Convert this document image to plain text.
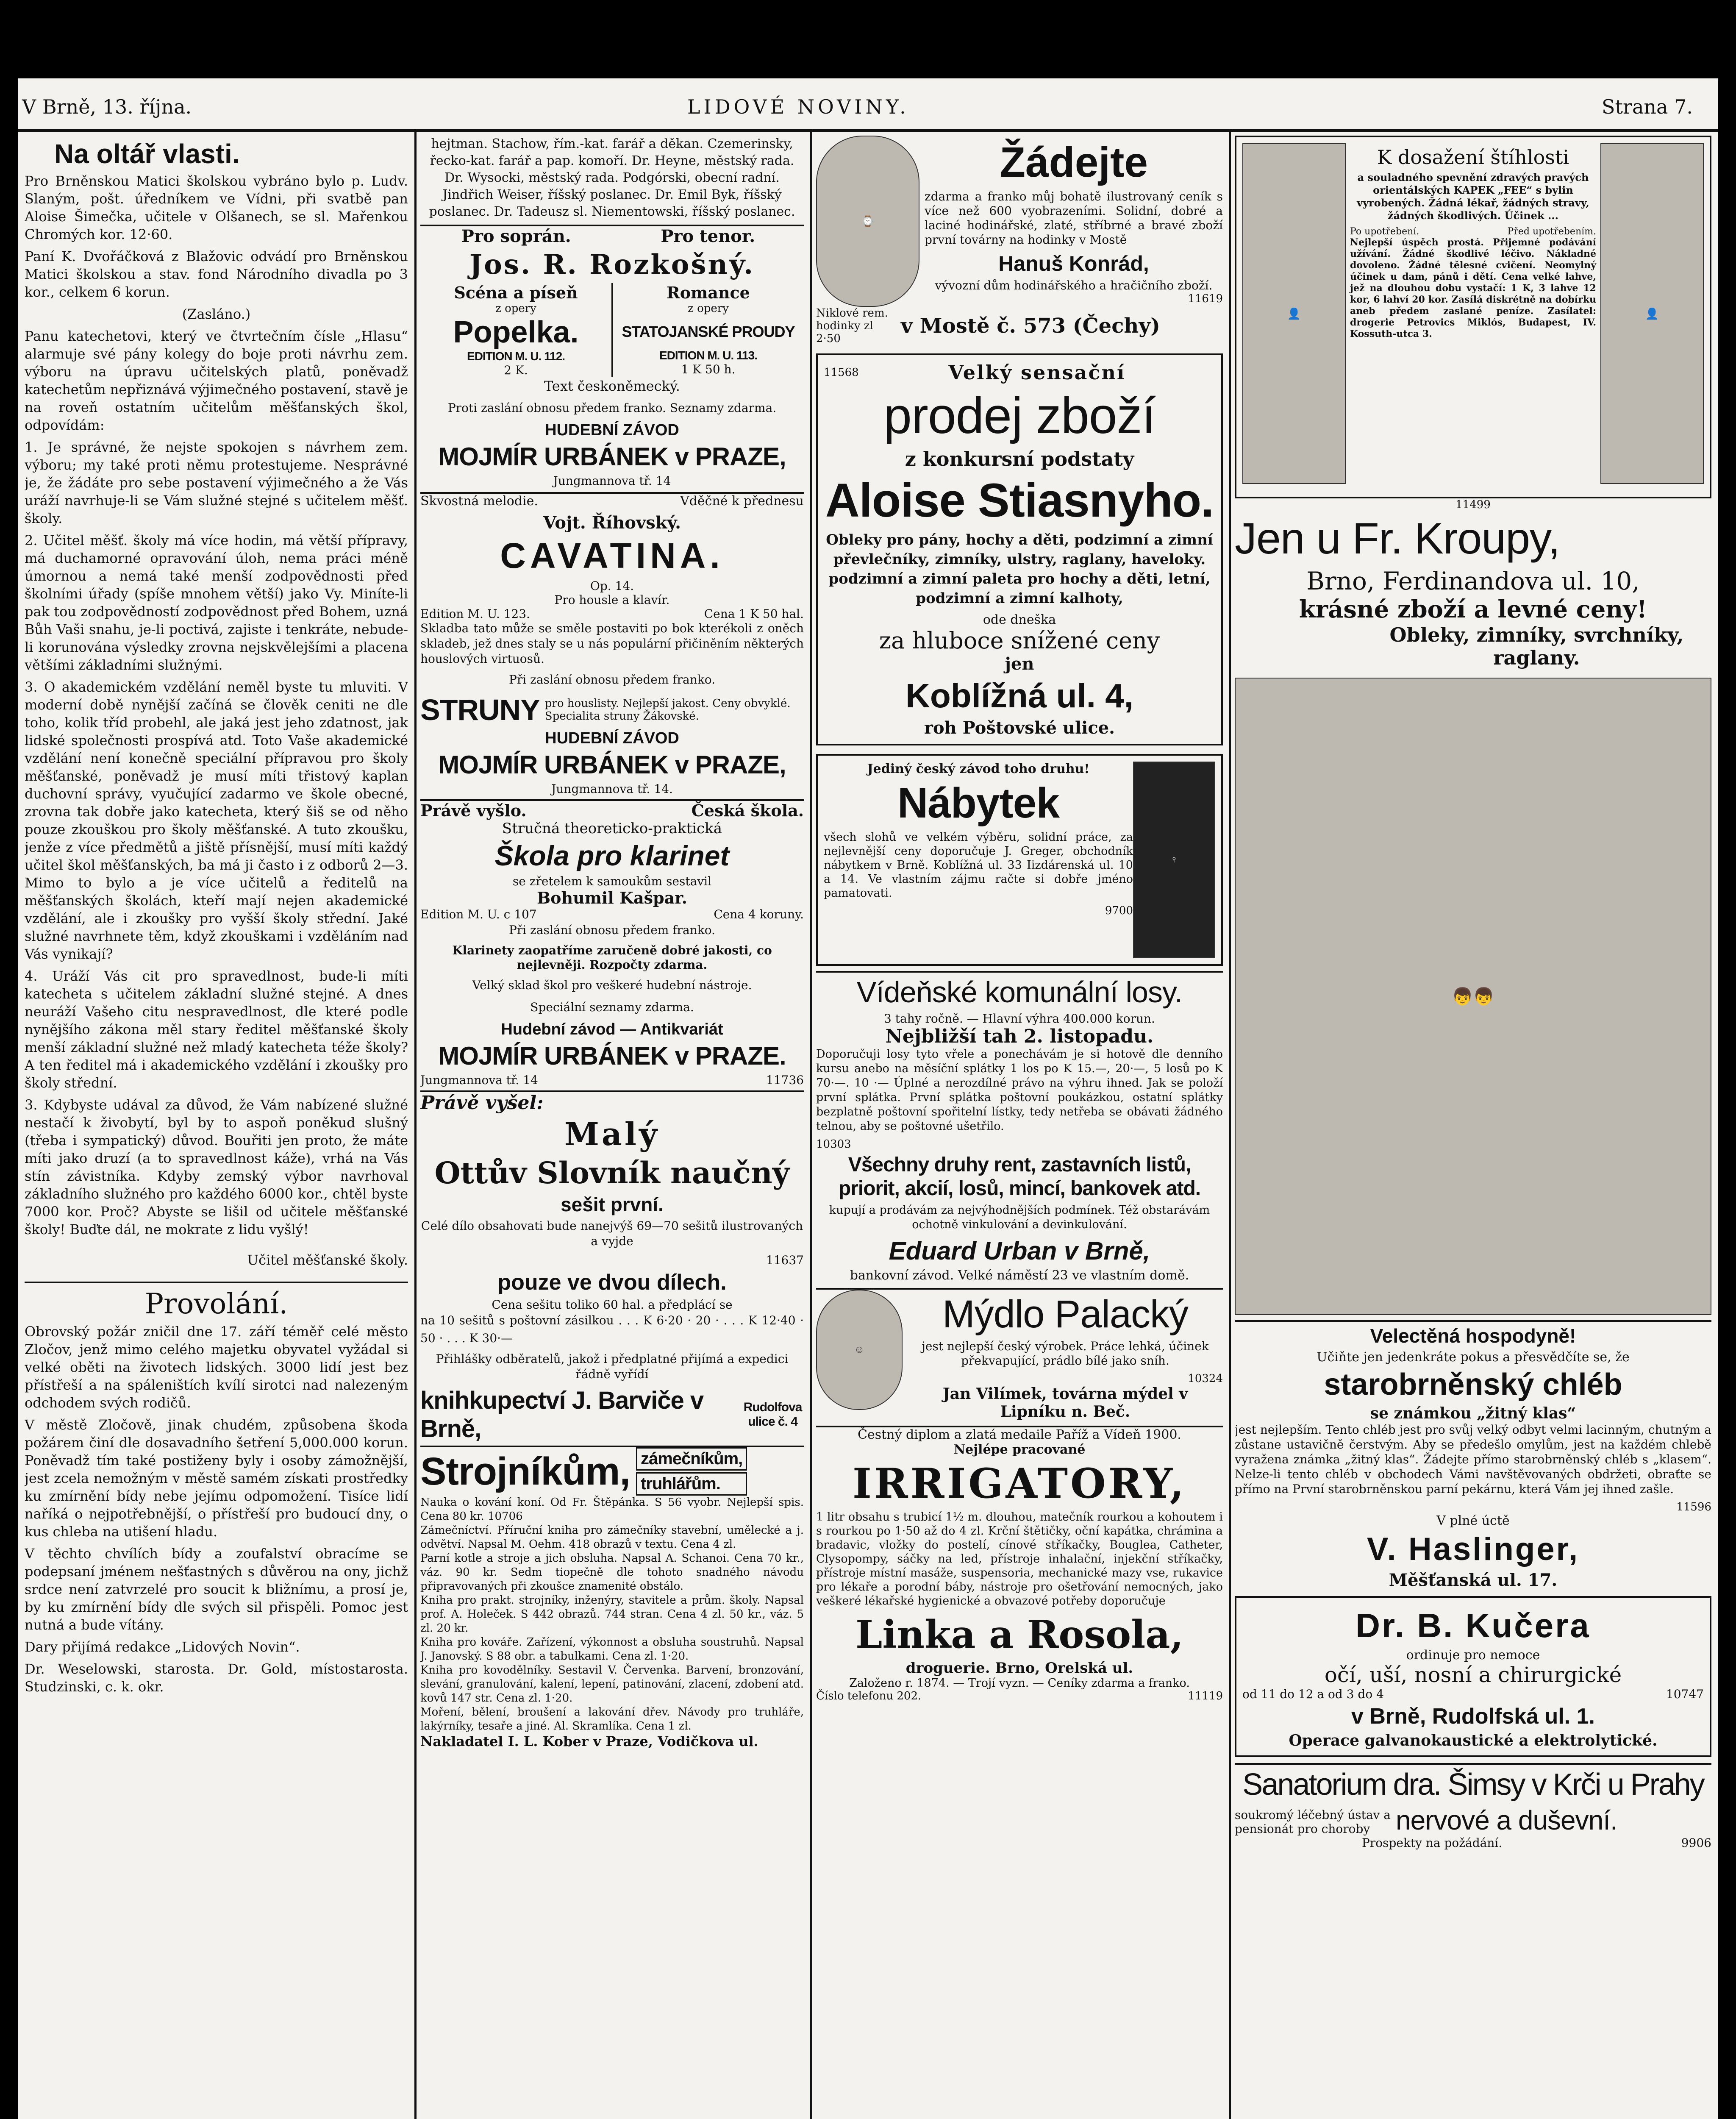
V Brně, 13. října.	LIDOVÉ NOVINY.	Strana 7.
Na oltář vlasti.

Pro Brněnskou Matici školskou vybráno bylo p. Ludv. Slaným, pošt. úředníkem ve Vídni, při svatbě pan Aloise Šimečka, učitele v Olšanech, se sl. Mařenkou Chromých kor. 12·60.

Paní K. Dvořáčková z Blažovic odvádí pro Brněnskou Matici školskou a stav. fond Národního divadla po 3 kor., celkem 6 korun.

(Zasláno.)

Panu katechetovi, který ve čtvrtečním čísle „Hlasu“ alarmuje své pány kolegy do boje proti návrhu zem. výboru na úpravu učitelských platů, poněvadž katechetům nepřiznává výjimečného postavení, stavě je na roveň ostatním učitelům měšťanských škol, odpovídám:

1. Je správné, že nejste spokojen s návrhem zem. výboru; my také proti němu protestujeme. Nesprávné je, že žádáte pro sebe postavení výjimečného a že Vás uráží navrhuje-li se Vám služné stejné s učitelem měšť. školy.

2. Učitel měšť. školy má více hodin, má větší přípravy, má duchamorné opravování úloh, nema práci méně úmornou a nemá také menší zodpovědnosti před školními úřady (spíše mnohem větší) jako Vy. Miníte-li pak tou zodpovědností zodpovědnost před Bohem, uzná Bůh Vaši snahu, je-li poctivá, zajiste i tenkráte, nebude-li korunována výsledky zrovna nejskvělejšími a placena většími základními služnými.

3. O akademickém vzdělání neměl byste tu mluviti. V moderní době nynější začíná se člověk ceniti ne dle toho, kolik tříd probehl, ale jaká jest jeho zdatnost, jak lidské společnosti prospívá atd. Toto Vaše akademické vzdělání není konečně speciální přípravou pro školy měšťanské, poněvadž je musí míti třistový kaplan duchovní správy, vyučující zadarmo ve škole obecné, zrovna tak dobře jako katecheta, který šiš se od něho pouze zkouškou pro školy měšťanské. A tuto zkoušku, jenže z více předmětů a jiště přísnější, musí míti každý učitel škol měšťanských, ba má ji často i z odborů 2—3. Mimo to bylo a je více učitelů a ředitelů na měšťanských školách, kteří mají nejen akademické vzdělání, ale i zkoušky pro vyšší školy střední. Jaké služné navrhnete těm, když zkouškami i vzděláním nad Vás vynikají?

4. Uráží Vás cit pro spravedlnost, bude-li míti katecheta s učitelem základní služné stejné. A dnes neuráží Vašeho citu nespravedlnost, dle které podle nynějšího zákona měl stary ředitel měšťanské školy menší základní služné než mladý katecheta téže školy? A ten ředitel má i akademického vzdělání i zkoušky pro školy střední.

3. Kdybyste udával za důvod, že Vám nabízené služné nestačí k živobytí, byl by to aspoň poněkud slušný (třeba i sympatický) důvod. Bouřiti jen proto, že máte míti jako druzí (a to spravedlnost káže), vrhá na Vás stín závistníka. Kdyby zemský výbor navrhoval základního služného pro každého 6000 kor., chtěl byste 7000 kor. Proč? Abyste se lišil od učitele měšťanské školy! Buďte dál, ne mokrate z lidu vyšlý!

Učitel měšťanské školy.

Provolání.

Obrovský požár zničil dne 17. září téměř celé město Zločov, jenž mimo celého majetku obyvatel vyžádal si velké oběti na životech lidských. 3000 lidí jest bez přístřeší a na spáleništích kvílí sirotci nad nalezeným odchodem svých rodičů.

V městě Zločově, jinak chudém, způsobena škoda požárem činí dle dosavadního šetření 5,000.000 korun. Poněvadž tím také postiženy byly i osoby zámožnější, jest zcela nemožným v městě samém získati prostředky ku zmírnění bídy nebe jejímu odpomožení. Tisíce lidí naříká o nejpotřebnější, o přístřeší pro budoucí dny, o kus chleba na utišení hladu.

V těchto chvílích bídy a zoufalství obracíme se podepsaní jménem nešťastných s důvěrou na ony, jichž srdce není zatvrzelé pro soucit k bližnímu, a prosí je, by ku zmírnění bídy dle svých sil přispěli. Pomoc jest nutná a bude vítány.

Dary přijímá redakce „Lidových Novin“.

Dr. Weselowski, starosta. Dr. Gold, místostarosta. Studzinski, c. k. okr.

hejtman. Stachow, řím.-kat. farář a děkan. Czemerinsky, řecko-kat. farář a pap. komoří. Dr. Heyne, městský rada. Dr. Wysocki, městský rada. Podgórski, obecní radní. Jindřich Weiser, říšský poslanec. Dr. Emil Byk, říšský poslanec. Dr. Tadeusz sl. Niementowski, říšský poslanec.

Pro soprán.	Pro tenor.
Jos. R. Rozkošný.
Scéna a píseň
z opery
Popelka.
EDITION M. U. 112.
2 K.
Romance
z opery
STATOJANSKÉ PROUDY
EDITION M. U. 113.
1 K 50 h.

Text českoněmecký.

Proti zaslání obnosu předem franko. Seznamy zdarma.

HUDEBNÍ ZÁVOD
MOJMÍR URBÁNEK v PRAZE,
Jungmannova tř. 14
Skvostná melodie.	Vděčné k přednesu
Vojt. Říhovský.
CAVATINA.
Op. 14.
Pro housle a klavír.
Edition M. U. 123.	Cena 1 K 50 hal.

Skladba tato může se směle postaviti po bok kterékoli z oněch skladeb, jež dnes staly se u nás populární přičiněním některých houslových virtuosů.

Při zaslání obnosu předem franko.

STRUNY pro houslisty. Nejlepší jakost. Ceny obvyklé. Specialita struny Žákovské.
HUDEBNÍ ZÁVOD
MOJMÍR URBÁNEK v PRAZE,
Jungmannova tř. 14.
Právě vyšlo.	Česká škola.
Stručná theoreticko-praktická
Škola pro klarinet
se zřetelem k samoukům sestavil
Bohumil Kašpar.
Edition M. U. c 107	Cena 4 koruny.

Při zaslání obnosu předem franko.

Klarinety zaopatříme zaručeně dobré jakosti, co nejlevněji. Rozpočty zdarma.

Velký sklad škol pro veškeré hudební nástroje.

Speciální seznamy zdarma.

Hudební závod — Antikvariát
MOJMÍR URBÁNEK v PRAZE.
Jungmannova tř. 14	11736
Právě vyšel:
Malý
Ottův Slovník naučný
sešit první.

Celé dílo obsahovati bude nanejvýš 69—70 sešitů ilustrovaných a vyjde

11637
pouze ve dvou dílech.
Cena sešitu toliko 60 hal. a předplácí se

na 10 sešitů s poštovní zásilkou . . . K 6·20 · 20 · . . . K 12·40 · 50 · . . . K 30·—

Přihlášky odběratelů, jakož i předplatné přijímá a expedici řádně vyřídí

knihkupectví J. Barviče v Brně,
Rudolfova ulice č. 4
Strojníkům, zámečníkům,
truhlářům.

Nauka o kování koní. Od Fr. Štěpánka. S 56 vyobr. Nejlepší spis. Cena 80 kr. 10706

Zámečníctví. Příruční kniha pro zámečníky stavební, umělecké a j. odvětví. Napsal M. Oehm. 418 obrazů v textu. Cena 4 zl.

Parní kotle a stroje a jich obsluha. Napsal A. Schanoi. Cena 70 kr., váz. 90 kr. Sedm tiopečně dle tohoto snadného návodu připravovaných při zkoušce znamenité obstálo.

Kniha pro prakt. strojníky, inženýry, stavitele a prům. školy. Napsal prof. A. Holeček. S 442 obrazů. 744 stran. Cena 4 zl. 50 kr., váz. 5 zl. 20 kr.

Kniha pro kováře. Zařízení, výkonnost a obsluha soustruhů. Napsal J. Janovský. S 88 obr. a tabulkami. Cena zl. 1·20.

Kniha pro kovodělníky. Sestavil V. Červenka. Barvení, bronzování, slevání, granulování, kalení, lepení, patinování, zlacení, zdobení atd. kovů 147 str. Cena zl. 1·20.

Moření, bělení, broušení a lakování dřev. Návody pro truhláře, lakýrníky, tesaře a jiné. Al. Skramlíka. Cena 1 zl.

Nakladatel I. L. Kober v Praze, Vodičkova ul.
⌚
Žádejte

zdarma a franko můj bohatě ilustrovaný ceník s více než 600 vyobrazeními. Solidní, dobré a laciné hodinářské, zlaté, stříbrné a bravé zboží první továrny na hodinky v Mostě

Hanuš Konrád,
vývozní dům hodinářského a hračičního zboží.
11619
Niklové rem. hodinky zl 2·50
v Mostě č. 573 (Čechy)
11568	Velký sensační
prodej zboží
z konkursní podstaty
Aloise Stiasnyho.

Obleky pro pány, hochy a děti, podzimní a zimní převlečníky, zimníky, ulstry, raglany, haveloky. podzimní a zimní paleta pro hochy a děti, letní, podzimní a zimní kalhoty,

ode dneška
za hluboce snížené ceny
jen
Koblížná ul. 4,
roh Poštovské ulice.
Jediný český závod toho druhu!
Nábytek

všech slohů ve velkém výběru, solidní práce, za nejlevnější ceny doporučuje J. Greger, obchodník nábytkem v Brně. Koblížná ul. 33 Iizdárenská ul. 10 a 14. Ve vlastním zájmu račte si dobře jméno pamatovati.

9700
♀
Vídeňské komunální losy.
3 tahy ročně. — Hlavní výhra 400.000 korun.
Nejbližší tah 2. listopadu.

Doporučuji losy tyto vřele a ponechávám je si hotově dle denního kursu anebo na měsíční splátky 1 los po K 15.—, 20·—, 5 losů po K 70·—. 10 ·— Úplné a nerozdílné právo na výhru ihned. Jak se položí první splátka. První splátka poštovní poukázkou, ostatní splátky bezplatně poštovní spořitelní lístky, tedy netřeba se obávati žádného telnou, aby se poštovné ušetřilo.

10303
Všechny druhy rent, zastavních listů, priorit, akcií, losů, mincí, bankovek atd.

kupují a prodávám za nejvýhodnějších podmínek. Též obstarávám ochotně vinkulování a devinkulování.

Eduard Urban v Brně,
bankovní závod. Velké náměstí 23 ve vlastním domě.
☺
Mýdlo Palacký

jest nejlepší český výrobek. Práce lehká, účinek překvapující, prádlo bílé jako sníh.

10324
Jan Vilímek, továrna mýdel v Lipníku n. Beč.
Čestný diplom a zlatá medaile Paříž a Vídeň 1900.
Nejlépe pracované
IRRIGATORY,

1 litr obsahu s trubicí 1½ m. dlouhou, matečník rourkou a kohoutem i s rourkou po 1·50 až do 4 zl. Krční štětičky, oční kapátka, chrámina a bradavic, vložky do postelí, cínové stříkačky, Bouglea, Catheter, Clysopompy, sáčky na led, přístroje inhalační, injekční stříkačky, přístroje místní masáže, suspensoria, mechanické mazy vse, rukavice pro lékaře a porodní báby, nástroje pro ošetřování nemocných, jako veškeré lékařské hygienické a obvazové potřeby doporučuje

Linka a Rosola,
droguerie. Brno, Orelská ul.
Založeno r. 1874. — Trojí vyzn. — Ceníky zdarma a franko.
Číslo telefonu 202.	11119
👤
K dosažení štíhlosti

a souladného spevnění zdravých pravých orientálských KAPEK „FEE“ s bylin vyrobených. Žádná lékař, žádných stravy, žádných škodlivých. Účinek ...

Po upotřebení.	Před upotřebením.

Nejlepší úspěch prostá. Přijemné podávání užívání. Žádné škodlivé léčivo. Nákladné dovoleno. Žádné tělesné cvičení. Neomylný účinek u dam, pánů i dětí. Cena velké lahve, jež na dlouhou dobu vystačí: 1 K, 3 lahve 12 kor, 6 lahví 20 kor. Zasílá diskrétně na dobírku aneb předem zaslané peníze. Zasílatel: drogerie Petrovics Miklós, Budapest, IV. Kossuth-utca 3.

👤
11499
Jen u Fr. Kroupy,
Brno, Ferdinandova ul. 10,
krásné zboží a levné ceny!
Obleky, zimníky, svrchníky, raglany.
👦👦
Velectěná hospodyně!
Učiňte jen jedenkráte pokus a přesvědčíte se, že
starobrněnský chléb
se známkou „žitný klas“

jest nejlepším. Tento chléb jest pro svůj velký odbyt velmi lacinným, chutným a zůstane ustavičně čerstvým. Aby se předešlo omylům, jest na každém chlebě vyražena známka „žitný klas“. Žádejte přímo starobrněnský chléb s „klasem“. Nelze-li tento chléb v obchodech Vámi navštěvovaných obdržeti, obraťte se přímo na První starobrněnskou parní pekárnu, která Vám jej ihned zašle.

11596
V plné úctě
V. Haslinger,
Měšťanská ul. 17.
Dr. B. Kučera
ordinuje pro nemoce
očí, uší, nosní a chirurgické
od 11 do 12 a od 3 do 4	10747
v Brně, Rudolfská ul. 1.
Operace galvanokaustické a elektrolytické.
Sanatorium dra. Šimsy v Krči u Prahy
soukromý léčebný ústav a pensionát pro choroby nervové a duševní.
Prospekty na požádání.	9906
